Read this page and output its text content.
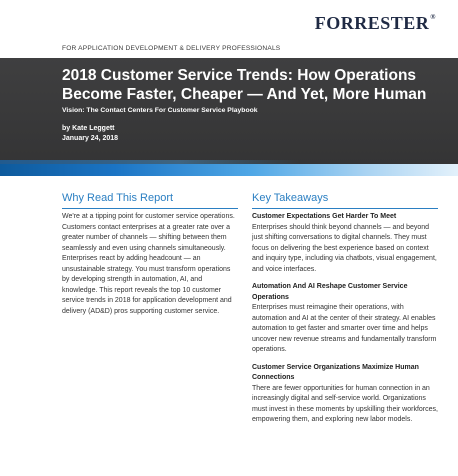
FORRESTER®
FOR APPLICATION DEVELOPMENT & DELIVERY PROFESSIONALS
2018 Customer Service Trends: How Operations Become Faster, Cheaper — And Yet, More Human
Vision: The Contact Centers For Customer Service Playbook
by Kate Leggett
January 24, 2018
Why Read This Report

We're at a tipping point for customer service operations. Customers contact enterprises at a greater rate over a greater number of channels — shifting between them seamlessly and even using channels simultaneously. Enterprises react by adding headcount — an unsustainable strategy. You must transform operations by developing strength in automation, AI, and knowledge. This report reveals the top 10 customer service trends in 2018 for application development and delivery (AD&D) pros supporting customer service.

Key Takeaways

Customer Expectations Get Harder To Meet

Enterprises should think beyond channels — and beyond just shifting conversations to digital channels. They must focus on delivering the best experience based on context and inquiry type, including via chatbots, visual engagement, and voice interfaces.

Automation And AI Reshape Customer Service Operations

Enterprises must reimagine their operations, with automation and AI at the center of their strategy. AI enables automation to get faster and smarter over time and helps uncover new revenue streams and fundamentally transform operations.

Customer Service Organizations Maximize Human Connections

There are fewer opportunities for human connection in an increasingly digital and self-service world. Organizations must invest in these moments by upskilling their workforces, empowering them, and exploring new labor models.
